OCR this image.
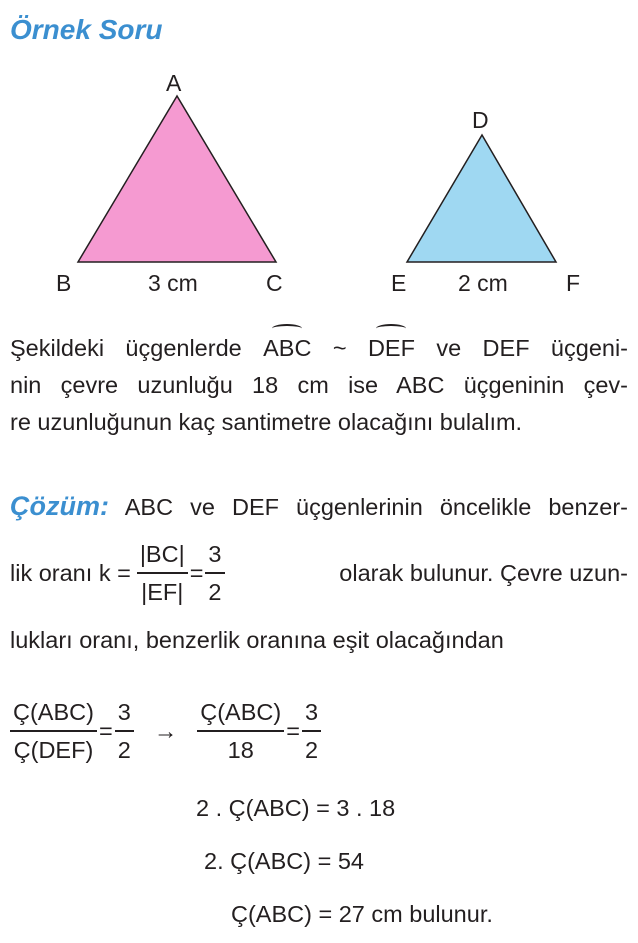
Örnek Soru
A
B	C
3 cm
D
E	F
2 cm
Şekildeki üçgenlerde ABC ~ DEF ve DEF üçgeni-
nin çevre uzunluğu 18 cm ise ABC üçgeninin çev-
re uzunluğunun kaç santimetre olacağını bulalım.
Çözüm: ABC ve DEF üçgenlerinin öncelikle benzer-
lik oranı $k = \frac{|BC|}{|EF|} = \frac{3}{2}$	olarak bulunur. Çevre uzun-
lukları oranı, benzerlik oranına eşit olacağından
$\frac{\text{Ç(ABC)}}{\text{Ç(DEF)}} = \frac{3}{2} \to \frac{\text{Ç(ABC)}}{18} = \frac{3}{2}$
2 . Ç(ABC) = 3 . 18
2. Ç(ABC) = 54
Ç(ABC) = 27 cm bulunur.
